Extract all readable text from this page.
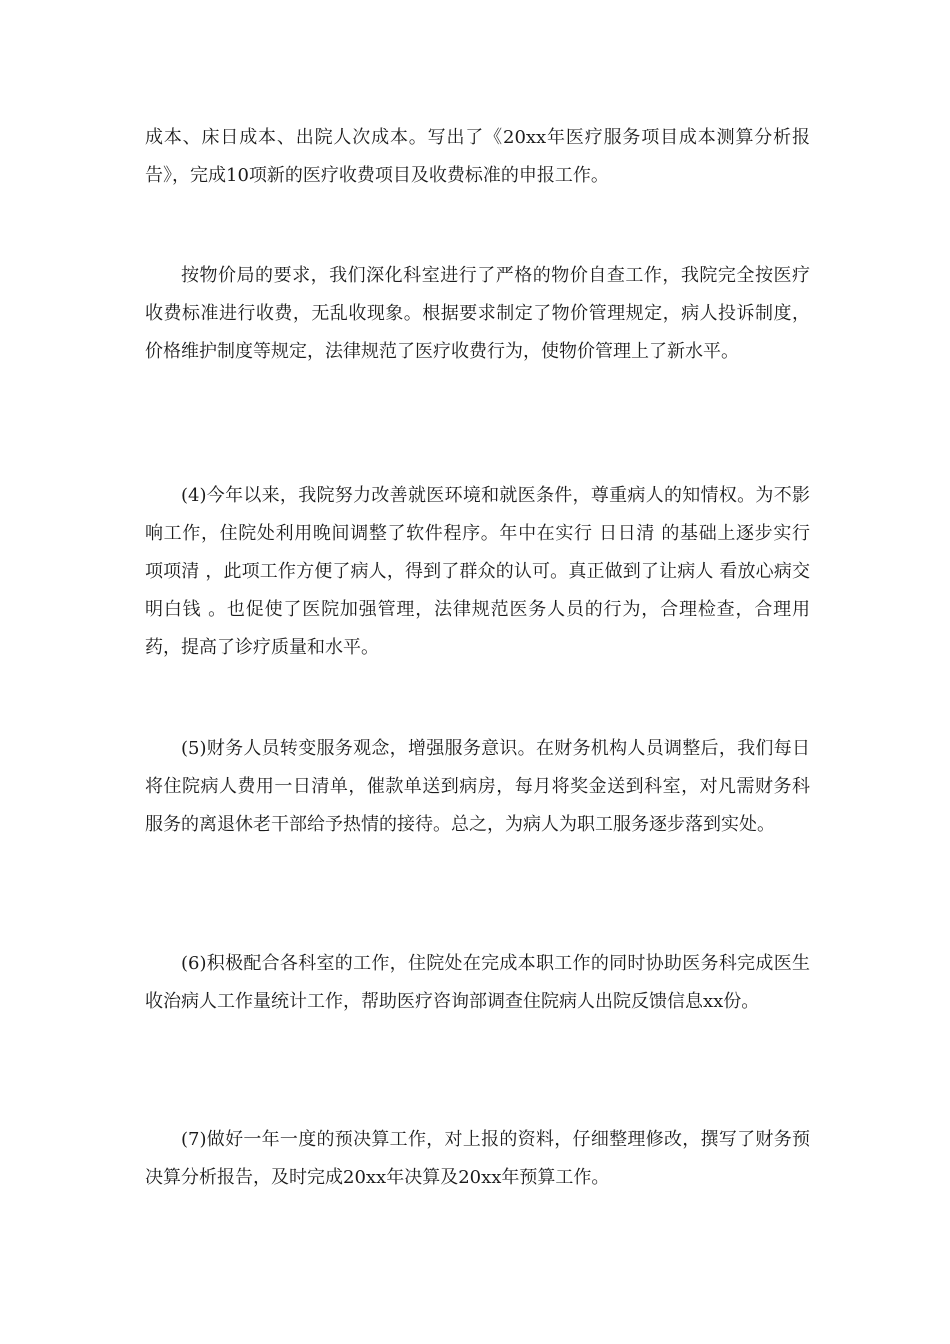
成本、床日成本、出院人次成本。写出了《20xx年医疗服务项目成本测算分析报告》，完成10项新的医疗收费项目及收费标准的申报工作。

按物价局的要求，我们深化科室进行了严格的物价自查工作，我院完全按医疗收费标准进行收费，无乱收现象。根据要求制定了物价管理规定，病人投诉制度，价格维护制度等规定，法律规范了医疗收费行为，使物价管理上了新水平。

(4)今年以来，我院努力改善就医环境和就医条件，尊重病人的知情权。为不影响工作，住院处利用晚间调整了软件程序。年中在实行 日日清 的基础上逐步实行 项项清 ，此项工作方便了病人，得到了群众的认可。真正做到了让病人 看放心病交明白钱 。也促使了医院加强管理，法律规范医务人员的行为，合理检查，合理用药，提高了诊疗质量和水平。

(5)财务人员转变服务观念，增强服务意识。在财务机构人员调整后，我们每日将住院病人费用一日清单，催款单送到病房，每月将奖金送到科室，对凡需财务科服务的离退休老干部给予热情的接待。总之，为病人为职工服务逐步落到实处。

(6)积极配合各科室的工作，住院处在完成本职工作的同时协助医务科完成医生收治病人工作量统计工作，帮助医疗咨询部调查住院病人出院反馈信息xx份。

(7)做好一年一度的预决算工作，对上报的资料，仔细整理修改，撰写了财务预决算分析报告，及时完成20xx年决算及20xx年预算工作。
